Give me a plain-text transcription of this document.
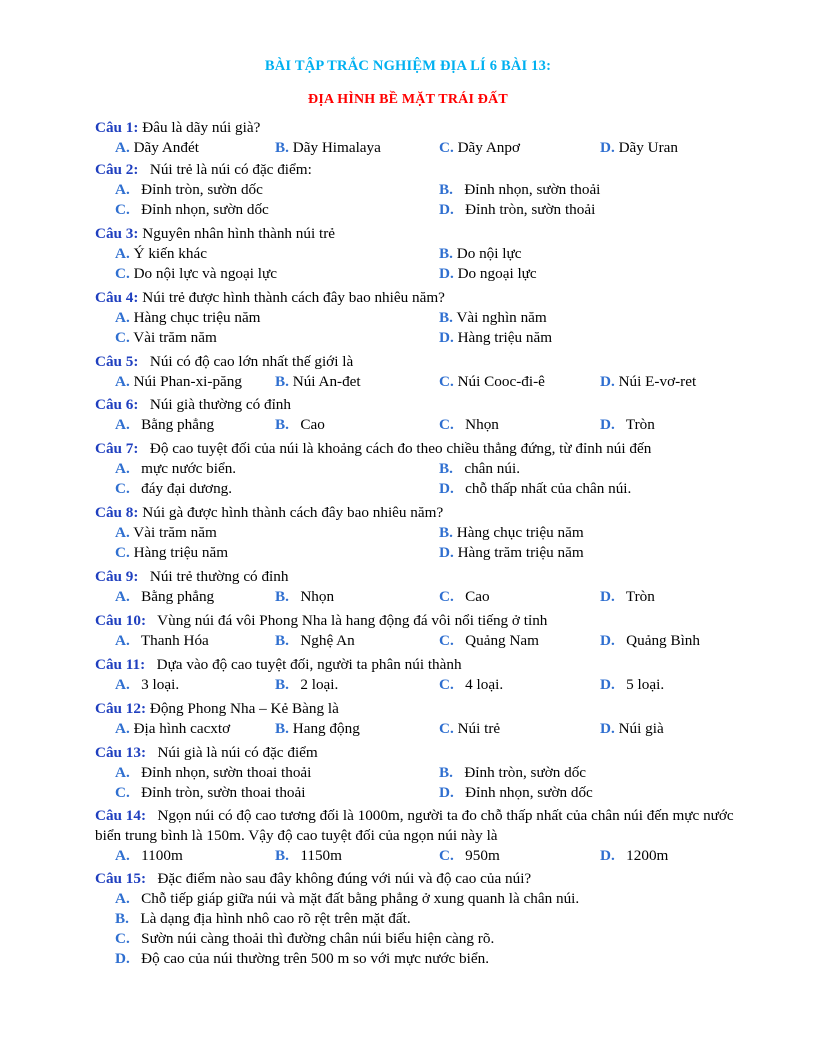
BÀI TẬP TRẮC NGHIỆM ĐỊA LÍ 6 BÀI 13:
ĐỊA HÌNH BỀ MẶT TRÁI ĐẤT
Câu 1: Đâu là dãy núi già?
A. Dãy Anđét	B. Dãy Himalaya	C. Dãy Anpơ	D. Dãy Uran
Câu 2:   Núi trẻ là núi có đặc điểm:
A.   Đỉnh tròn, sườn dốc	B.   Đỉnh nhọn, sườn thoải
C.   Đỉnh nhọn, sườn dốc	D.   Đỉnh tròn, sườn thoải
Câu 3: Nguyên nhân hình thành núi trẻ
A. Ý kiến khác	B. Do nội lực
C. Do nội lực và ngoại lực	D. Do ngoại lực
Câu 4: Núi trẻ được hình thành cách đây bao nhiêu năm?
A. Hàng chục triệu năm	B. Vài nghìn năm
C. Vài trăm năm	D. Hàng triệu năm
Câu 5:   Núi có độ cao lớn nhất thế giới là
A. Núi Phan-xi-păng B. Núi An-đet	C. Núi Cooc-đi-ê	D. Núi E-vơ-ret
Câu 6:   Núi già thường có đỉnh
A.   Bằng phẳng	B.   Cao	C.   Nhọn	D.   Tròn
Câu 7:   Độ cao tuyệt đối của núi là khoảng cách đo theo chiều thẳng đứng, từ đỉnh núi đến
A.   mực nước biển.	B.   chân núi.
C.   đáy đại dương.	D.   chỗ thấp nhất của chân núi.
Câu 8: Núi gà được hình thành cách đây bao nhiêu năm?
A. Vài trăm năm	B. Hàng chục triệu năm
C. Hàng triệu năm	D. Hàng trăm triệu năm
Câu 9:   Núi trẻ thường có đỉnh
A.   Bằng phẳng	B.   Nhọn	C.   Cao	D.   Tròn
Câu 10:   Vùng núi đá vôi Phong Nha là hang động đá vôi nổi tiếng ở tỉnh
A.   Thanh Hóa	B.   Nghệ An	C.   Quảng Nam	D.   Quảng Bình
Câu 11:   Dựa vào độ cao tuyệt đối, người ta phân núi thành
A.   3 loại.	B.   2 loại.	C.   4 loại.	D.   5 loại.
Câu 12: Động Phong Nha – Kẻ Bàng là
A. Địa hình cacxtơ	B. Hang động	C. Núi trẻ	D. Núi già
Câu 13:   Núi già là núi có đặc điểm
A.   Đỉnh nhọn, sườn thoai thoải	B.   Đỉnh tròn, sườn dốc
C.   Đỉnh tròn, sườn thoai thoải	D.   Đỉnh nhọn, sườn dốc
Câu 14:   Ngọn núi có độ cao tương đối là 1000m, người ta đo chỗ thấp nhất của chân núi đến mực nước biển trung bình là 150m. Vậy độ cao tuyệt đối của ngọn núi này là
A.   1100m	B.   1150m	C.   950m	D.   1200m
Câu 15:   Đặc điểm nào sau đây không đúng với núi và độ cao của núi?
A.   Chỗ tiếp giáp giữa núi và mặt đất bằng phẳng ở xung quanh là chân núi.
B.   Là dạng địa hình nhô cao rõ rệt trên mặt đất.
C.   Sườn núi càng thoải thì đường chân núi biểu hiện càng rõ.
D.   Độ cao của núi thường trên 500 m so với mực nước biển.
